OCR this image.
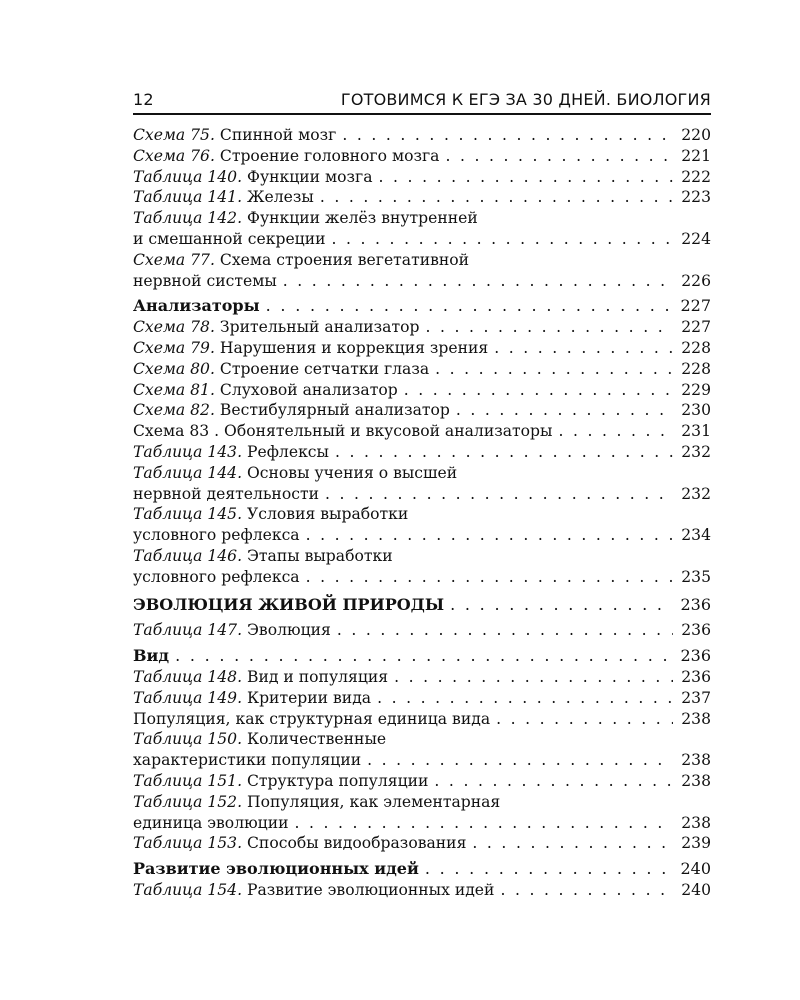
12	ГОТОВИМСЯ К ЕГЭ ЗА 30 ДНЕЙ. БИОЛОГИЯ
Схема 75. Спинной мозг . . .	220
Схема 76. Строение головного мозга . . .	221
Таблица 140. Функции мозга . . .	222
Таблица 141. Железы . . .	223
Таблица 142. Функции желёз внутренней
и смешанной секреции . . .	224
Схема 77. Схема строения вегетативной
нервной системы . . .	226
Анализаторы . . .	227
Схема 78. Зрительный анализатор . . .	227
Схема 79. Нарушения и коррекция зрения . . .	228
Схема 80. Строение сетчатки глаза . . .	228
Схема 81. Слуховой анализатор . . .	229
Схема 82. Вестибулярный анализатор . . .	230
Схема 83 . Обонятельный и вкусовой анализаторы . . .	231
Таблица 143. Рефлексы . . .	232
Таблица 144. Основы учения о высшей
нервной деятельности . . .	232
Таблица 145. Условия выработки
условного рефлекса . . .	234
Таблица 146. Этапы выработки
условного рефлекса . . .	235
ЭВОЛЮЦИЯ ЖИВОЙ ПРИРОДЫ . . .	236
Таблица 147. Эволюция . . .	236
Вид . . .	236
Таблица 148. Вид и популяция . . .	236
Таблица 149. Критерии вида . . .	237
Популяция, как структурная единица вида . . .	238
Таблица 150. Количественные
характеристики популяции . . .	238
Таблица 151. Структура популяции . . .	238
Таблица 152. Популяция, как элементарная
единица эволюции . . .	238
Таблица 153. Способы видообразования . . .	239
Развитие эволюционных идей . . .	240
Таблица 154. Развитие эволюционных идей . . .	240
